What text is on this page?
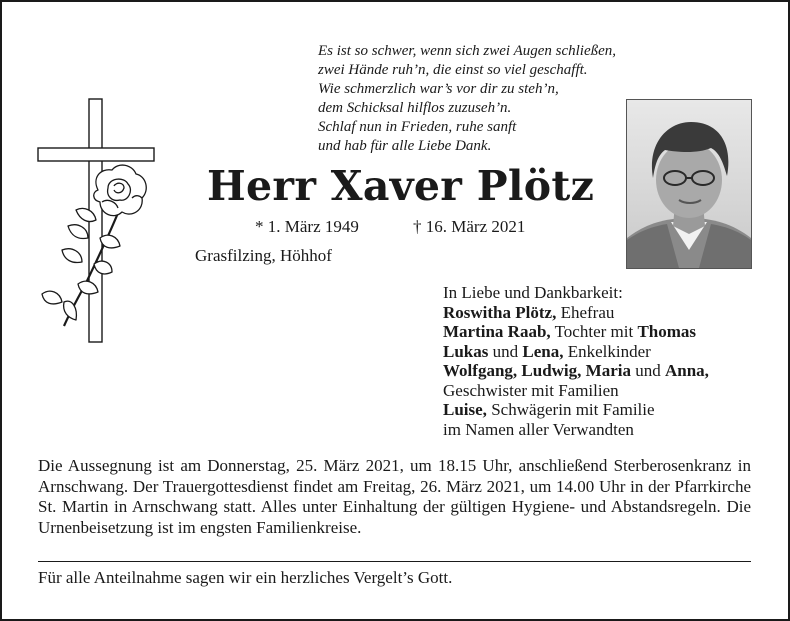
Es ist so schwer, wenn sich zwei Augen schließen,
zwei Hände ruh’n, die einst so viel geschafft.
Wie schmerzlich war’s vor dir zu steh’n,
dem Schicksal hilflos zuzuseh’n.
Schlaf nun in Frieden, ruhe sanft
und hab für alle Liebe Dank.
Herr Xaver Plötz
* 1. März 1949	† 16. März 2021
Grasfilzing, Höhhof
In Liebe und Dankbarkeit:
Roswitha Plötz, Ehefrau
Martina Raab, Tochter mit Thomas
Lukas und Lena, Enkelkinder
Wolfgang, Ludwig, Maria und Anna,
Geschwister mit Familien
Luise, Schwägerin mit Familie
im Namen aller Verwandten
Die Aussegnung ist am Donnerstag, 25. März 2021, um 18.15 Uhr, anschließend Sterberosenkranz in Arnschwang. Der Trauergottesdienst findet am Freitag, 26. März 2021, um 14.00 Uhr in der Pfarrkirche St. Martin in Arnschwang statt. Alles unter Einhaltung der gültigen Hygiene- und Abstandsregeln. Die Urnenbeisetzung ist im engsten Familienkreise.
Für alle Anteilnahme sagen wir ein herzliches Vergelt’s Gott.
